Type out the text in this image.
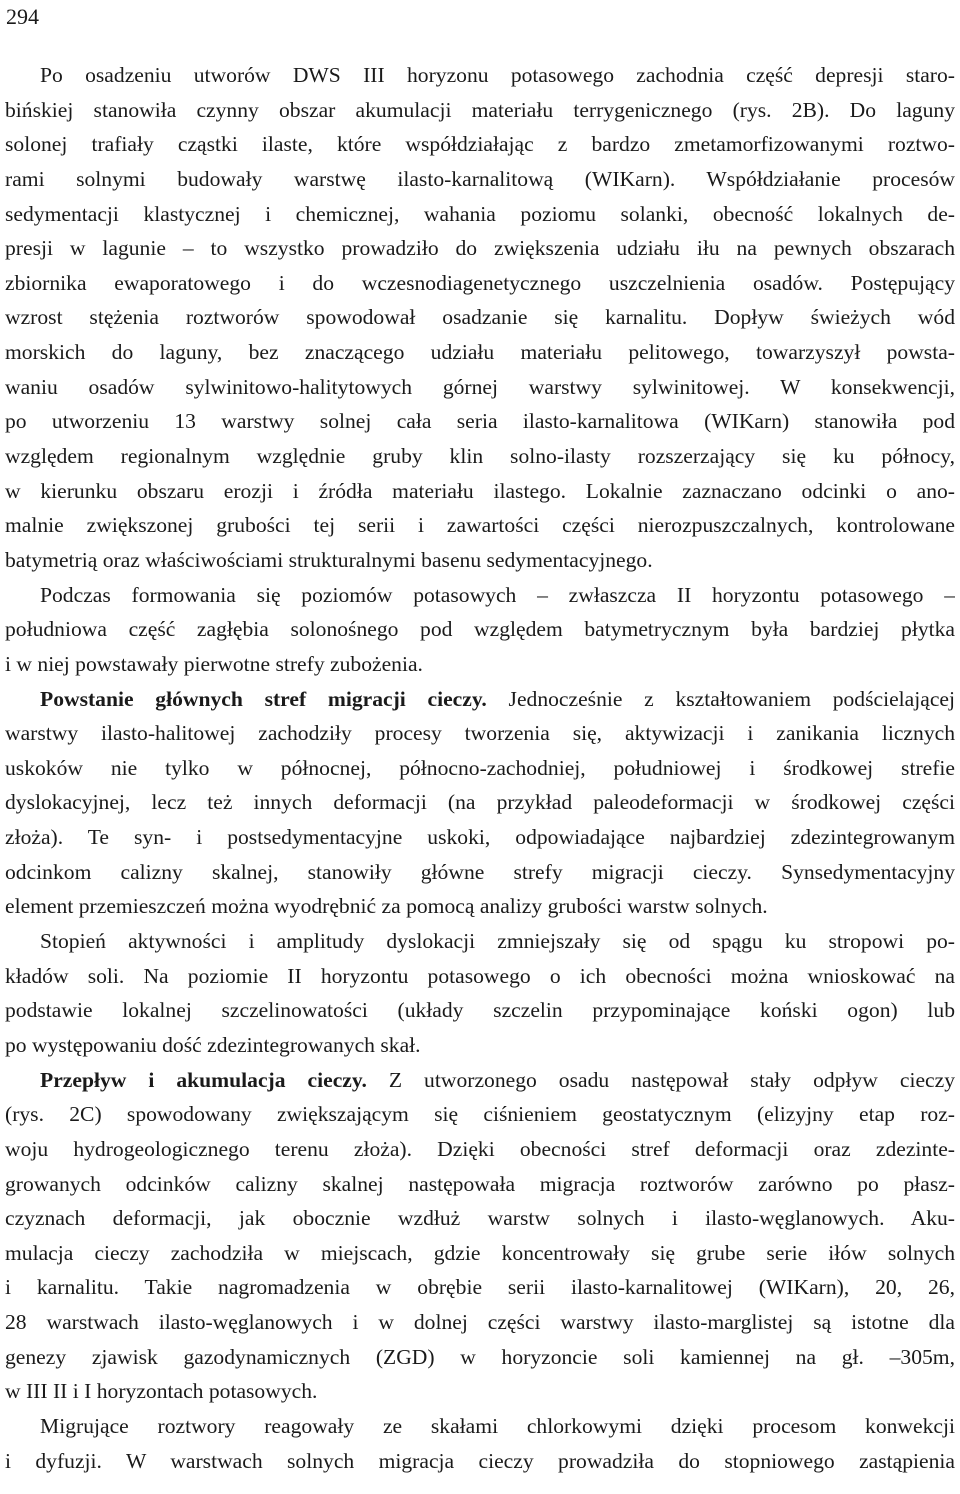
294
Po osadzeniu utworów DWS III horyzonu potasowego zachodnia część depresji staro-
bińskiej stanowiła czynny obszar akumulacji materiału terrygenicznego (rys. 2B). Do laguny
solonej trafiały cząstki ilaste, które współdziałając z bardzo zmetamorfizowanymi roztwo-
rami solnymi budowały warstwę ilasto-karnalitową (WIKarn). Współdziałanie procesów
sedymentacji klastycznej i chemicznej, wahania poziomu solanki, obecność lokalnych de-
presji w lagunie – to wszystko prowadziło do zwiększenia udziału iłu na pewnych obszarach
zbiornika ewaporatowego i do wczesnodiagenetycznego uszczelnienia osadów. Postępujący
wzrost stężenia roztworów spowodował osadzanie się karnalitu. Dopływ świeżych wód
morskich do laguny, bez znaczącego udziału materiału pelitowego, towarzyszył powsta-
waniu osadów sylwinitowo-halitytowych górnej warstwy sylwinitowej. W konsekwencji,
po utworzeniu 13 warstwy solnej cała seria ilasto-karnalitowa (WIKarn) stanowiła pod
względem regionalnym względnie gruby klin solno-ilasty rozszerzający się ku północy,
w kierunku obszaru erozji i źródła materiału ilastego. Lokalnie zaznaczano odcinki o ano-
malnie zwiększonej grubości tej serii i zawartości części nierozpuszczalnych, kontrolowane
batymetrią oraz właściwościami strukturalnymi basenu sedymentacyjnego.
Podczas formowania się poziomów potasowych – zwłaszcza II horyzontu potasowego –
południowa część zagłębia solonośnego pod względem batymetrycznym była bardziej płytka
i w niej powstawały pierwotne strefy zubożenia.
Powstanie głównych stref migracji cieczy. Jednocześnie z kształtowaniem podścielającej
warstwy ilasto-halitowej zachodziły procesy tworzenia się, aktywizacji i zanikania licznych
uskoków nie tylko w północnej, północno-zachodniej, południowej i środkowej strefie
dyslokacyjnej, lecz też innych deformacji (na przykład paleodeformacji w środkowej części
złoża). Te syn- i postsedymentacyjne uskoki, odpowiadające najbardziej zdezintegrowanym
odcinkom calizny skalnej, stanowiły główne strefy migracji cieczy. Synsedymentacyjny
element przemieszczeń można wyodrębnić za pomocą analizy grubości warstw solnych.
Stopień aktywności i amplitudy dyslokacji zmniejszały się od spągu ku stropowi po-
kładów soli. Na poziomie II horyzontu potasowego o ich obecności można wnioskować na
podstawie lokalnej szczelinowatości (układy szczelin przypominające koński ogon) lub
po występowaniu dość zdezintegrowanych skał.
Przepływ i akumulacja cieczy. Z utworzonego osadu następował stały odpływ cieczy
(rys. 2C) spowodowany zwiększającym się ciśnieniem geostatycznym (elizyjny etap roz-
woju hydrogeologicznego terenu złoża). Dzięki obecności stref deformacji oraz zdezinte-
growanych odcinków calizny skalnej następowała migracja roztworów zarówno po płasz-
czyznach deformacji, jak obocznie wzdłuż warstw solnych i ilasto-węglanowych. Aku-
mulacja cieczy zachodziła w miejscach, gdzie koncentrowały się grube serie iłów solnych
i karnalitu. Takie nagromadzenia w obrębie serii ilasto-karnalitowej (WIKarn), 20, 26,
28 warstwach ilasto-węglanowych i w dolnej części warstwy ilasto-marglistej są istotne dla
genezy zjawisk gazodynamicznych (ZGD) w horyzoncie soli kamiennej na gł. –305m,
w III II i I horyzontach potasowych.
Migrujące roztwory reagowały ze skałami chlorkowymi dzięki procesom konwekcji
i dyfuzji. W warstwach solnych migracja cieczy prowadziła do stopniowego zastąpienia
